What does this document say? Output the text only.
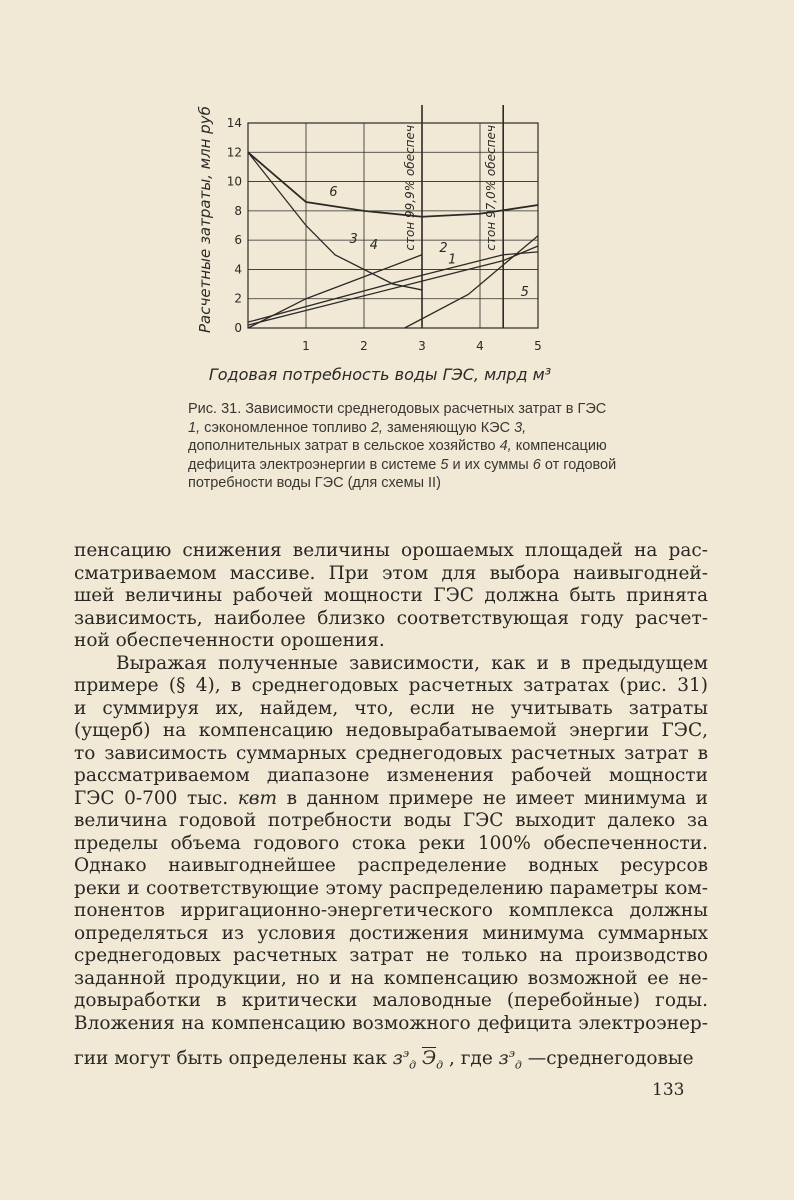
0
2
4
6
8
10
12
14
1	2	3	4	5
стон 99,9% обеспеч	стон 97,0% обеспеч
1
2
3 4
5
6
Расчетные затраты, млн руб
Годовая потребность воды ГЭС, млрд м³
Рис. 31. Зависимости среднегодовых расчетных затрат в ГЭС 1, сэкономленное топливо 2, заменяющую КЭС 3, дополнительных затрат в сельское хозяйство 4, компенсацию дефицита электроэнергии в системе 5 и их суммы 6 от годовой потребности воды ГЭС (для схемы II)
пенсацию снижения величины орошаемых площадей на рас-
сматриваемом массиве. При этом для выбора наивыгодней-
шей величины рабочей мощности ГЭС должна быть принята
зависимость, наиболее близко соответствующая году расчет-
ной обеспеченности орошения.
Выражая полученные зависимости, как и в предыдущем
примере (§ 4), в среднегодовых расчетных затратах (рис. 31)
и суммируя их, найдем, что, если не учитывать затраты
(ущерб) на компенсацию недовырабатываемой энергии ГЭС,
то зависимость суммарных среднегодовых расчетных затрат в
рассматриваемом диапазоне изменения рабочей мощности
ГЭС 0-700 тыс. квт в данном примере не имеет минимума и
величина годовой потребности воды ГЭС выходит далеко за
пределы объема годового стока реки 100% обеспеченности.
Однако наивыгоднейшее распределение водных ресурсов
реки и соответствующие этому распределению параметры ком-
понентов ирригационно-энергетического комплекса должны
определяться из условия достижения минимума суммарных
среднегодовых расчетных затрат не только на производство
заданной продукции, но и на компенсацию возможной ее не-
довыработки в критически маловодные (перебойные) годы.
Вложения на компенсацию возможного дефицита электроэнер-
гии могут быть определены как $з^э_д$ $Э_д$ , где $з^э_д$ —среднегодовые
133
